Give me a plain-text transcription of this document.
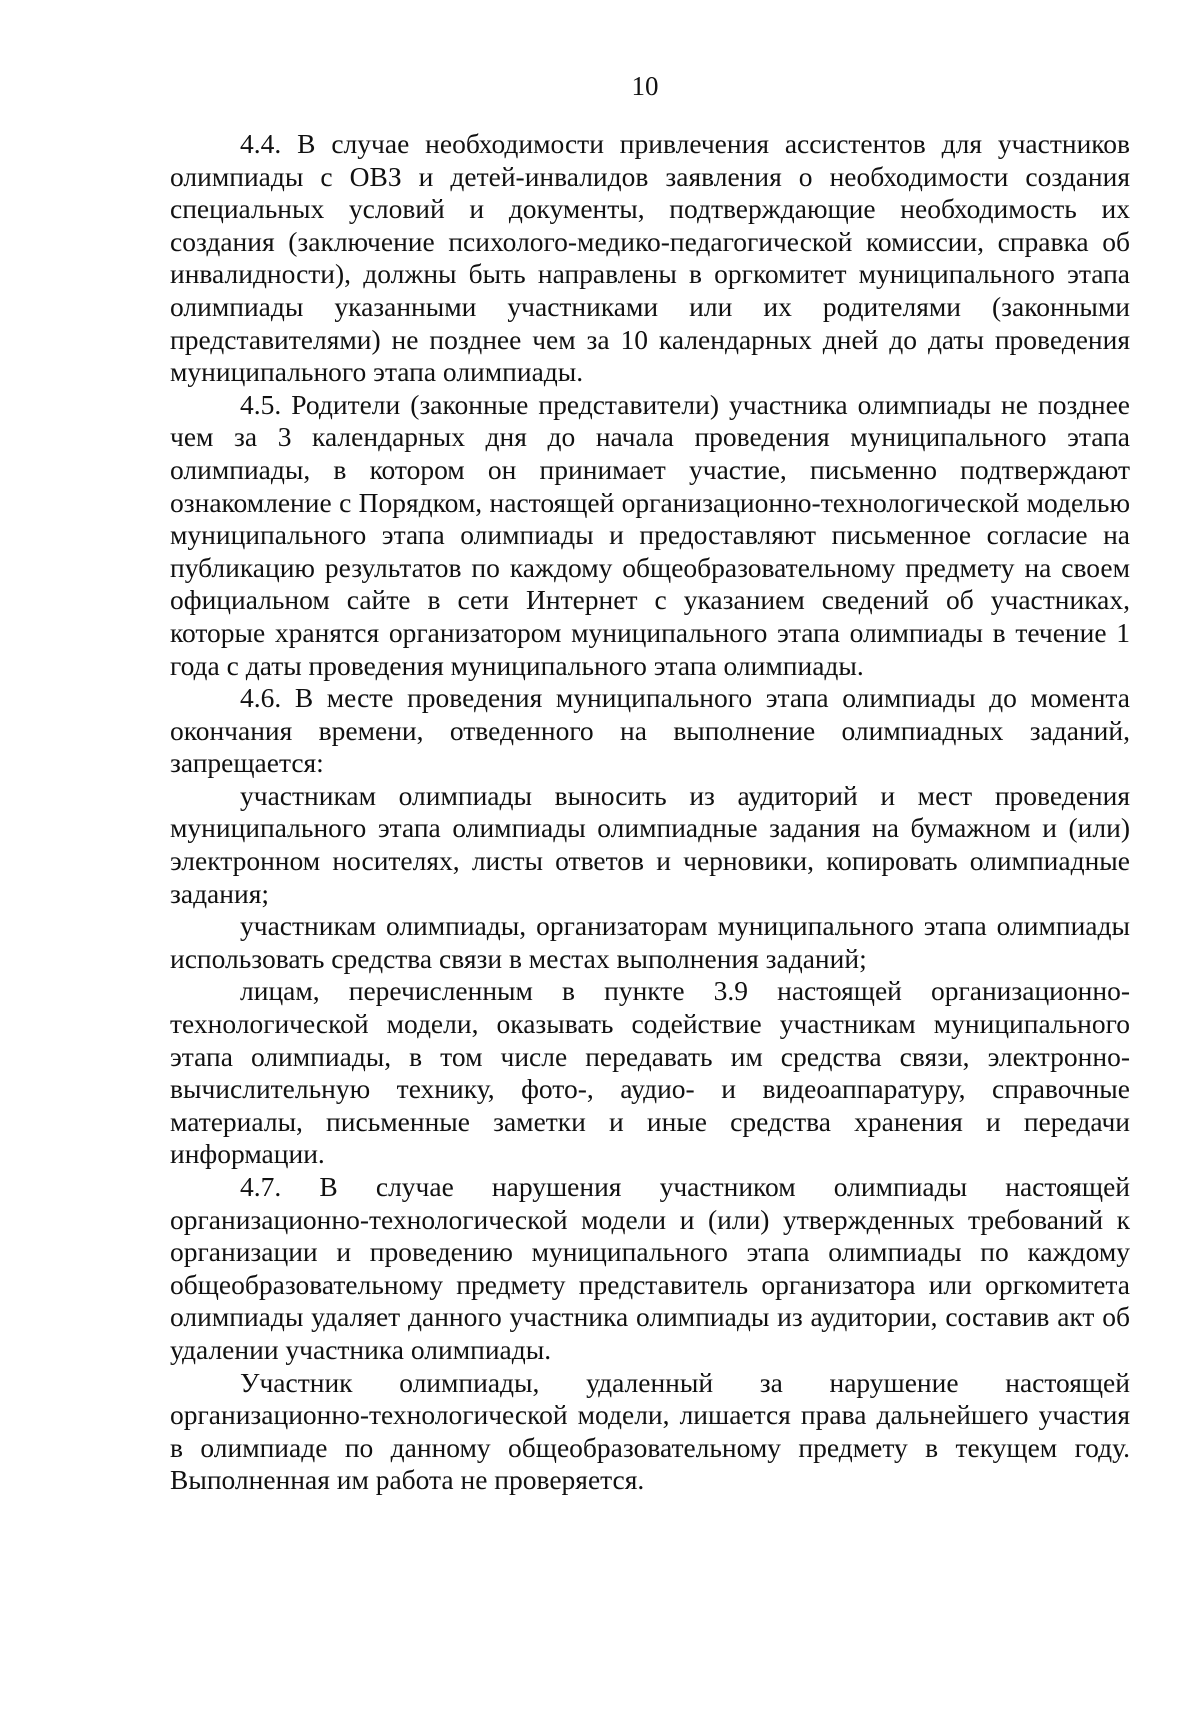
10

4.4. В случае необходимости привлечения ассистентов для участников олимпиады с ОВЗ и детей-инвалидов заявления о необходимости создания специальных условий и документы, подтверждающие необходимость их создания (заключение психолого-медико-педагогической комиссии, справка об инвалидности), должны быть направлены в оргкомитет муниципального этапа олимпиады указанными участниками или их родителями (законными представителями) не позднее чем за 10 календарных дней до даты проведения муниципального этапа олимпиады.

4.5. Родители (законные представители) участника олимпиады не позднее чем за 3 календарных дня до начала проведения муниципального этапа олимпиады, в котором он принимает участие, письменно подтверждают ознакомление с Порядком, настоящей организационно-технологической моделью муниципального этапа олимпиады и предоставляют письменное согласие на публикацию результатов по каждому общеобразовательному предмету на своем официальном сайте в сети Интернет с указанием сведений об участниках, которые хранятся организатором муниципального этапа олимпиады в течение 1 года с даты проведения муниципального этапа олимпиады.

4.6. В месте проведения муниципального этапа олимпиады до момента окончания времени, отведенного на выполнение олимпиадных заданий, запрещается:

участникам олимпиады выносить из аудиторий и мест проведения муниципального этапа олимпиады олимпиадные задания на бумажном и (или) электронном носителях, листы ответов и черновики, копировать олимпиадные задания;

участникам олимпиады, организаторам муниципального этапа олимпиады использовать средства связи в местах выполнения заданий;

лицам, перечисленным в пункте 3.9 настоящей организационно-технологической модели, оказывать содействие участникам муниципального этапа олимпиады, в том числе передавать им средства связи, электронно-вычислительную технику, фото-, аудио- и видеоаппаратуру, справочные материалы, письменные заметки и иные средства хранения и передачи информации.

4.7. В случае нарушения участником олимпиады настоящей организационно-технологической модели и (или) утвержденных требований к организации и проведению муниципального этапа олимпиады по каждому общеобразовательному предмету представитель организатора или оргкомитета олимпиады удаляет данного участника олимпиады из аудитории, составив акт об удалении участника олимпиады.

Участник олимпиады, удаленный за нарушение настоящей организационно-технологической модели, лишается права дальнейшего участия в олимпиаде по данному общеобразовательному предмету в текущем году. Выполненная им работа не проверяется.
